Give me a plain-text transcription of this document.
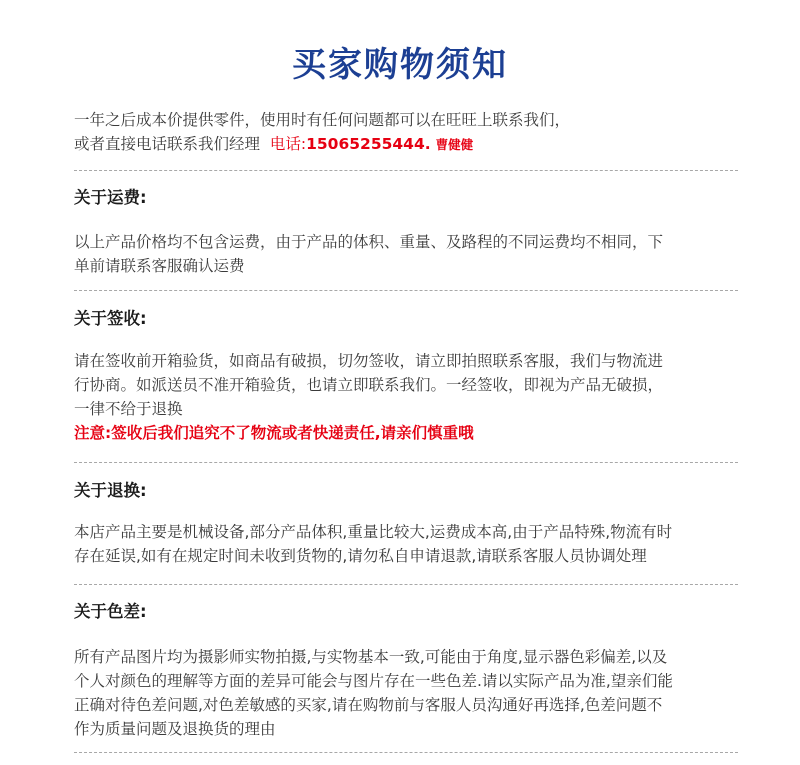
买家购物须知
一年之后成本价提供零件，使用时有任何问题都可以在旺旺上联系我们，
或者直接电话联系我们经理 电话:15065255444. 曹健健
关于运费:
以上产品价格均不包含运费，由于产品的体积、重量、及路程的不同运费均不相同，下
单前请联系客服确认运费
关于签收:
请在签收前开箱验货，如商品有破损，切勿签收，请立即拍照联系客服，我们与物流进
行协商。如派送员不准开箱验货，也请立即联系我们。一经签收，即视为产品无破损，
一律不给于退换
注意:签收后我们追究不了物流或者快递责任,请亲们慎重哦
关于退换:
本店产品主要是机械设备,部分产品体积,重量比较大,运费成本高,由于产品特殊,物流有时
存在延误,如有在规定时间未收到货物的,请勿私自申请退款,请联系客服人员协调处理
关于色差:
所有产品图片均为摄影师实物拍摄,与实物基本一致,可能由于角度,显示器色彩偏差,以及
个人对颜色的理解等方面的差异可能会与图片存在一些色差.请以实际产品为准,望亲们能
正确对待色差问题,对色差敏感的买家,请在购物前与客服人员沟通好再选择,色差问题不
作为质量问题及退换货的理由
